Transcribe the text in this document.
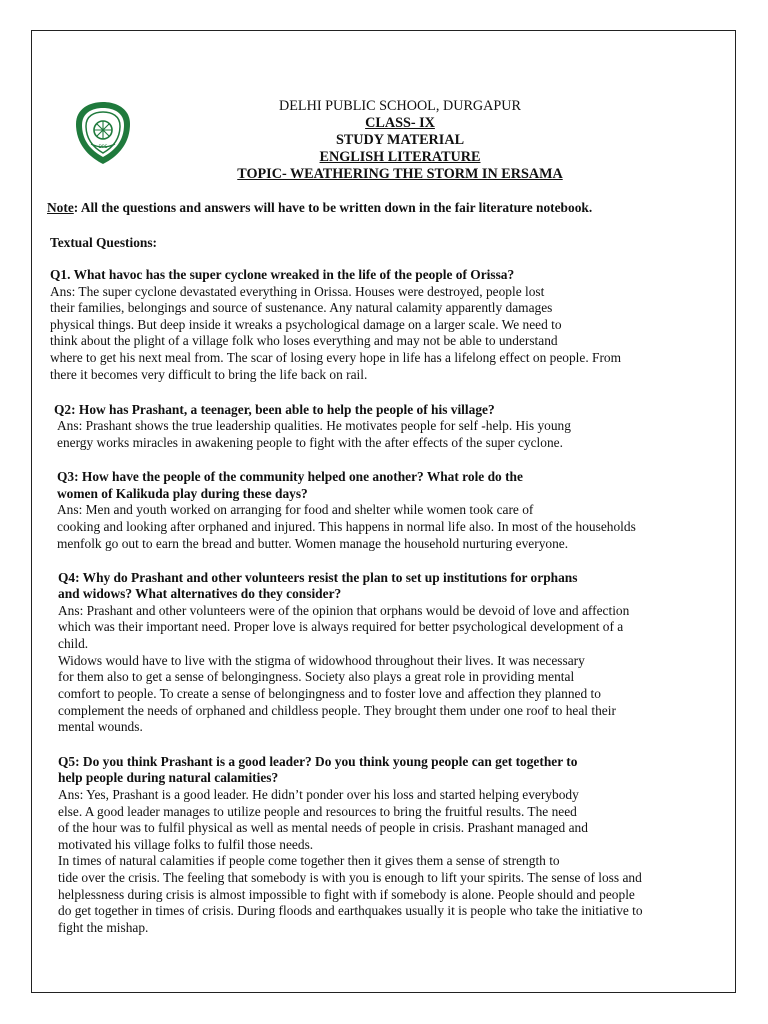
DPS
DELHI PUBLIC SCHOOL, DURGAPUR
CLASS- IX
STUDY MATERIAL
ENGLISH LITERATURE
TOPIC- WEATHERING THE STORM IN ERSAMA
Note: All the questions and answers will have to be written down in the fair literature notebook.
Textual Questions:
Q1. What havoc has the super cyclone wreaked in the life of the people of Orissa?
Ans: The super cyclone devastated everything in Orissa. Houses were destroyed, people lost
their families, belongings and source of sustenance. Any natural calamity apparently damages
physical things. But deep inside it wreaks a psychological damage on a larger scale. We need to
think about the plight of a village folk who loses everything and may not be able to understand
where to get his next meal from. The scar of losing every hope in life has a lifelong effect on people. From
there it becomes very difficult to bring the life back on rail.
Q2: How has Prashant, a teenager, been able to help the people of his village?
Ans: Prashant shows the true leadership qualities. He motivates people for self -help. His young
energy works miracles in awakening people to fight with the after effects of the super cyclone.
Q3: How have the people of the community helped one another? What role do the
women of Kalikuda play during these days?
Ans: Men and youth worked on arranging for food and shelter while women took care of
cooking and looking after orphaned and injured. This happens in normal life also. In most of the households
menfolk go out to earn the bread and butter. Women manage the household nurturing everyone.
Q4: Why do Prashant and other volunteers resist the plan to set up institutions for orphans
and widows? What alternatives do they consider?
Ans: Prashant and other volunteers were of the opinion that orphans would be devoid of love and affection
which was their important need. Proper love is always required for better psychological development of a
child.
Widows would have to live with the stigma of widowhood throughout their lives. It was necessary
for them also to get a sense of belongingness. Society also plays a great role in providing mental
comfort to people. To create a sense of belongingness and to foster love and affection they planned to
complement the needs of orphaned and childless people. They brought them under one roof to heal their
mental wounds.
Q5: Do you think Prashant is a good leader? Do you think young people can get together to
help people during natural calamities?
Ans: Yes, Prashant is a good leader. He didn’t ponder over his loss and started helping everybody
else. A good leader manages to utilize people and resources to bring the fruitful results. The need
of the hour was to fulfil physical as well as mental needs of people in crisis. Prashant managed and
motivated his village folks to fulfil those needs.
In times of natural calamities if people come together then it gives them a sense of strength to
tide over the crisis. The feeling that somebody is with you is enough to lift your spirits. The sense of loss and
helplessness during crisis is almost impossible to fight with if somebody is alone. People should and people
do get together in times of crisis. During floods and earthquakes usually it is people who take the initiative to
fight the mishap.
